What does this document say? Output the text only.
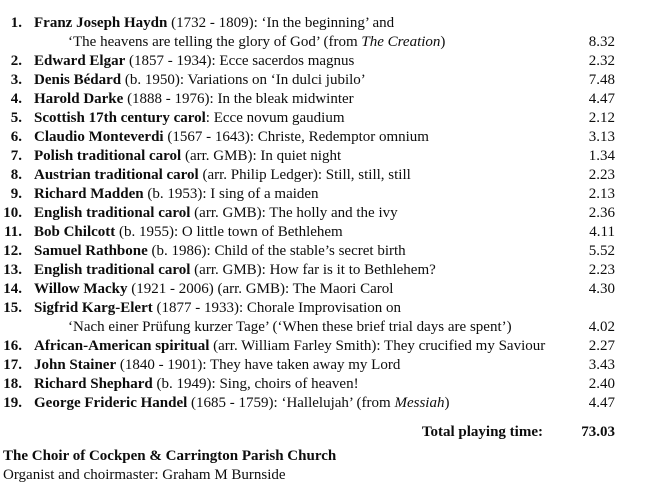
1. Franz Joseph Haydn (1732 - 1809): ‘In the beginning’ and
‘The heavens are telling the glory of God’ (from The Creation)	8.32
2. Edward Elgar (1857 - 1934): Ecce sacerdos magnus	2.32
3. Denis Bédard (b. 1950): Variations on ‘In dulci jubilo’	7.48
4. Harold Darke (1888 - 1976): In the bleak midwinter	4.47
5. Scottish 17th century carol: Ecce novum gaudium	2.12
6. Claudio Monteverdi (1567 - 1643): Christe, Redemptor omnium	3.13
7. Polish traditional carol (arr. GMB): In quiet night	1.34
8. Austrian traditional carol (arr. Philip Ledger): Still, still, still	2.23
9. Richard Madden (b. 1953): I sing of a maiden	2.13
10. English traditional carol (arr. GMB): The holly and the ivy	2.36
11. Bob Chilcott (b. 1955): O little town of Bethlehem	4.11
12. Samuel Rathbone (b. 1986): Child of the stable’s secret birth	5.52
13. English traditional carol (arr. GMB): How far is it to Bethlehem?	2.23
14. Willow Macky (1921 - 2006) (arr. GMB): The Maori Carol	4.30
15. Sigfrid Karg-Elert (1877 - 1933): Chorale Improvisation on
‘Nach einer Prüfung kurzer Tage’ (‘When these brief trial days are spent’)	4.02
16. African-American spiritual (arr. William Farley Smith): They crucified my Saviour	2.27
17. John Stainer (1840 - 1901): They have taken away my Lord	3.43
18. Richard Shephard (b. 1949): Sing, choirs of heaven!	2.40
19. George Frideric Handel (1685 - 1759): ‘Hallelujah’ (from Messiah)	4.47
Total playing time:	73.03
The Choir of Cockpen & Carrington Parish Church
Organist and choirmaster: Graham M Burnside
